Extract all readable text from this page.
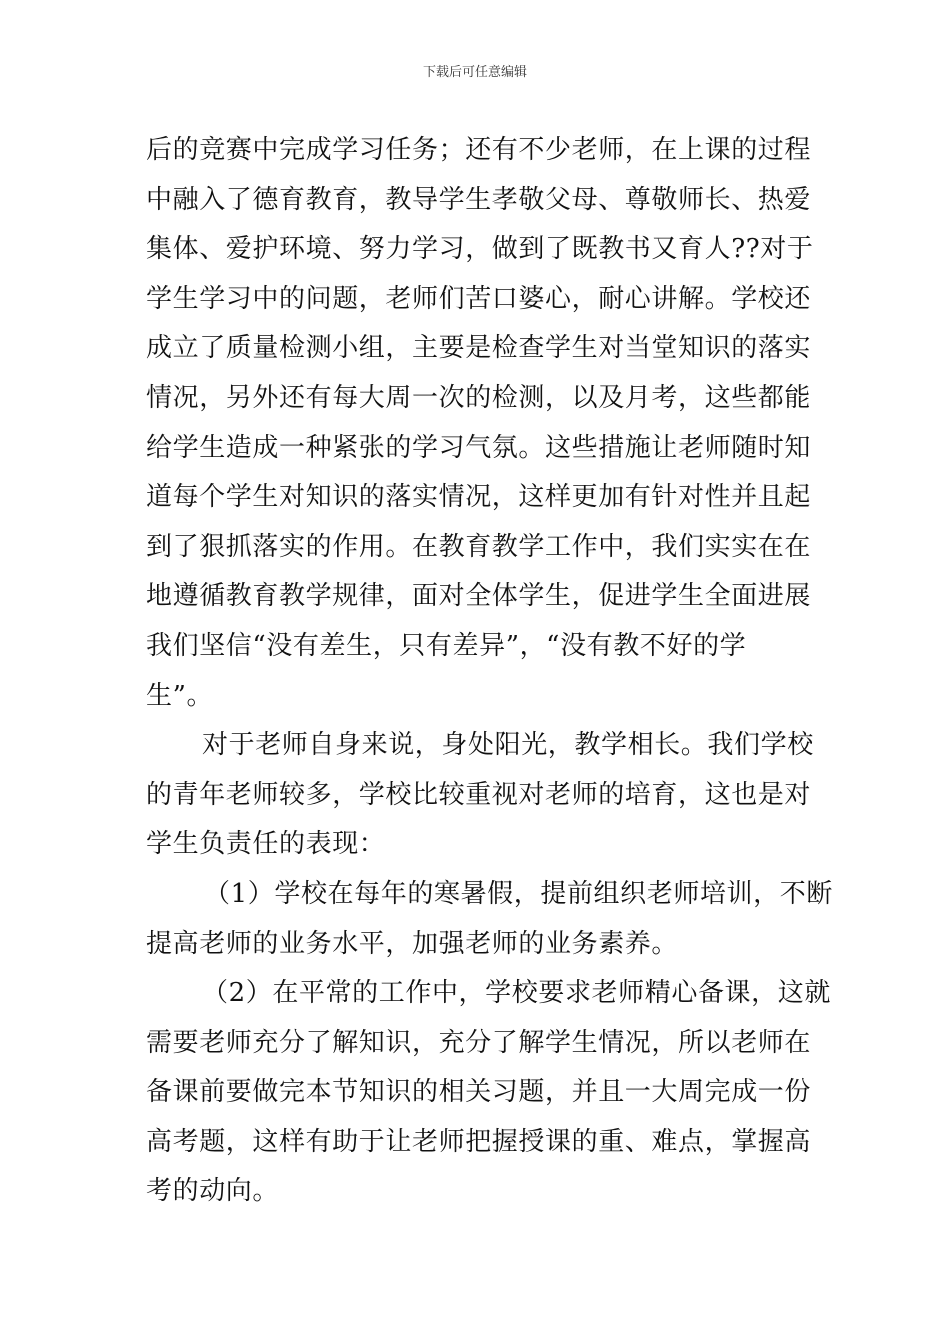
下载后可任意编辑
后的竞赛中完成学习任务；还有不少老师，在上课的过程
中融入了德育教育，教导学生孝敬父母、尊敬师长、热爱
集体、爱护环境、努力学习，做到了既教书又育人??对于
学生学习中的问题，老师们苦口婆心，耐心讲解。学校还
成立了质量检测小组，主要是检查学生对当堂知识的落实
情况，另外还有每大周一次的检测，以及月考，这些都能
给学生造成一种紧张的学习气氛。这些措施让老师随时知
道每个学生对知识的落实情况，这样更加有针对性并且起
到了狠抓落实的作用。在教育教学工作中，我们实实在在
地遵循教育教学规律，面对全体学生，促进学生全面进展
我们坚信“没有差生，只有差异”，“没有教不好的学
生”。
对于老师自身来说，身处阳光，教学相长。我们学校
的青年老师较多，学校比较重视对老师的培育，这也是对
学生负责任的表现：
（1）学校在每年的寒暑假，提前组织老师培训，不断
提高老师的业务水平，加强老师的业务素养。
（2）在平常的工作中，学校要求老师精心备课，这就
需要老师充分了解知识，充分了解学生情况，所以老师在
备课前要做完本节知识的相关习题，并且一大周完成一份
高考题，这样有助于让老师把握授课的重、难点，掌握高
考的动向。
